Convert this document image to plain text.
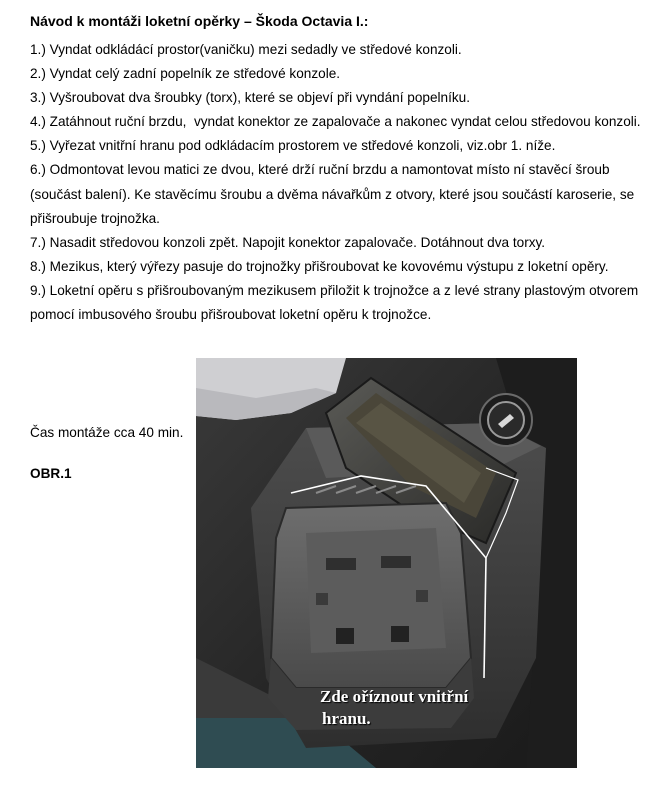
Návod k montáži loketní opěrky – Škoda Octavia I.:

1.) Vyndat odkládácí prostor(vaničku) mezi sedadly ve středové konzoli.

2.) Vyndat celý zadní popelník ze středové konzole.

3.) Vyšroubovat dva šroubky (torx), které se objeví při vyndání popelníku.

4.) Zatáhnout ruční brzdu,  vyndat konektor ze zapalovače a nakonec vyndat celou středovou konzoli.

5.) Vyřezat vnitřní hranu pod odkládacím prostorem ve středové konzoli, viz.obr 1. níže.

6.) Odmontovat levou matici ze dvou, které drží ruční brzdu a namontovat místo ní stavěcí šroub (součást balení). Ke stavěcímu šroubu a dvěma návařkům z otvory, které jsou součástí karoserie, se přišroubuje trojnožka.

7.) Nasadit středovou konzoli zpět. Napojit konektor zapalovače. Dotáhnout dva torxy.

8.) Mezikus, který výřezy pasuje do trojnožky přišroubovat ke kovovému výstupu z loketní opěry.

9.) Loketní opěru s přišroubovaným mezikusem přiložit k trojnožce a z levé strany plastovým otvorem pomocí imbusového šroubu přišroubovat loketní opěru k trojnožce.

Čas montáže cca 40 min.
OBR.1
Zde oříznout vnitřní
hranu.
